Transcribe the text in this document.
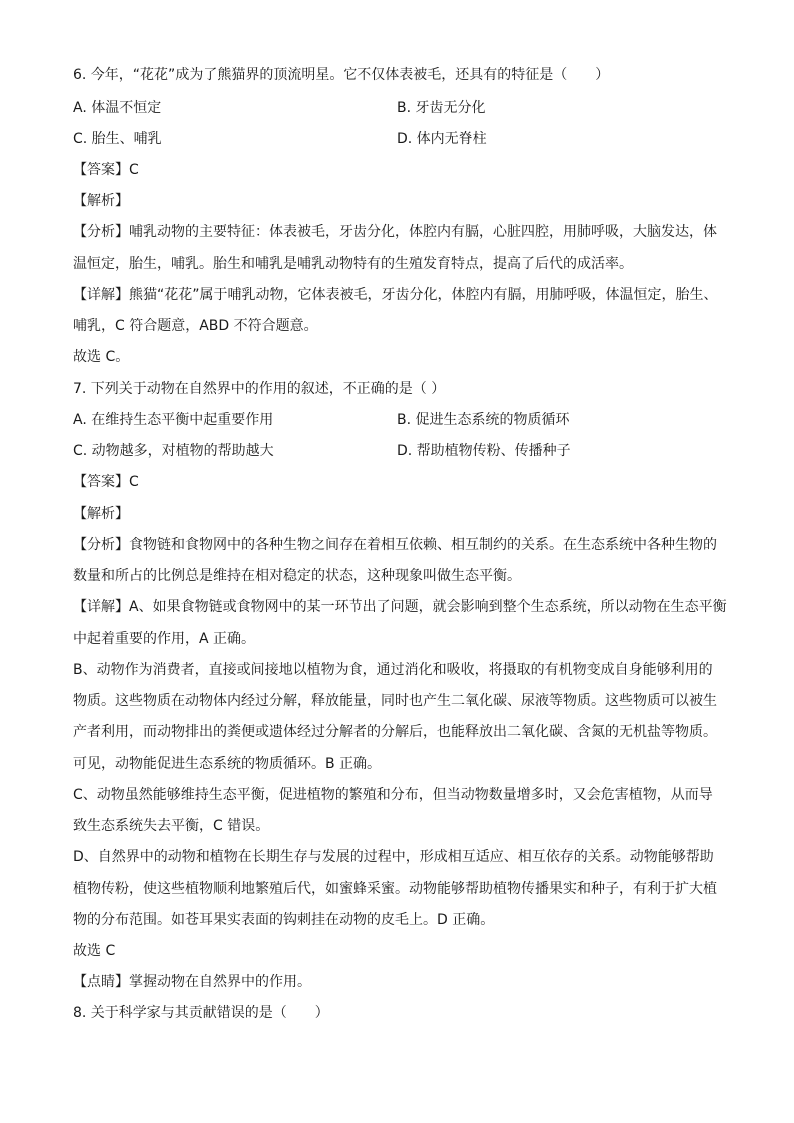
6. 今年，“花花”成为了熊猫界的顶流明星。它不仅体表被毛，还具有的特征是（　　）
A. 体温不恒定	B. 牙齿无分化
C. 胎生、哺乳	D. 体内无脊柱
【答案】C
【解析】
【分析】哺乳动物的主要特征：体表被毛，牙齿分化，体腔内有膈，心脏四腔，用肺呼吸，大脑发达，体
温恒定，胎生，哺乳。胎生和哺乳是哺乳动物特有的生殖发育特点，提高了后代的成活率。
【详解】熊猫“花花”属于哺乳动物，它体表被毛，牙齿分化，体腔内有膈，用肺呼吸，体温恒定，胎生、
哺乳，C 符合题意，ABD 不符合题意。
故选 C。
7. 下列关于动物在自然界中的作用的叙述，不正确的是（ ）
A. 在维持生态平衡中起重要作用	B. 促进生态系统的物质循环
C. 动物越多，对植物的帮助越大	D. 帮助植物传粉、传播种子
【答案】C
【解析】
【分析】食物链和食物网中的各种生物之间存在着相互依赖、相互制约的关系。在生态系统中各种生物的
数量和所占的比例总是维持在相对稳定的状态，这种现象叫做生态平衡。
【详解】A、如果食物链或食物网中的某一环节出了问题，就会影响到整个生态系统，所以动物在生态平衡
中起着重要的作用，A 正确。
B、动物作为消费者，直接或间接地以植物为食，通过消化和吸收，将摄取的有机物变成自身能够利用的
物质。这些物质在动物体内经过分解，释放能量，同时也产生二氧化碳、尿液等物质。这些物质可以被生
产者利用，而动物排出的粪便或遗体经过分解者的分解后，也能释放出二氧化碳、含氮的无机盐等物质。
可见，动物能促进生态系统的物质循环。B 正确。
C、动物虽然能够维持生态平衡，促进植物的繁殖和分布，但当动物数量增多时，又会危害植物，从而导
致生态系统失去平衡，C 错误。
D、自然界中的动物和植物在长期生存与发展的过程中，形成相互适应、相互依存的关系。动物能够帮助
植物传粉，使这些植物顺利地繁殖后代，如蜜蜂采蜜。动物能够帮助植物传播果实和种子，有利于扩大植
物的分布范围。如苍耳果实表面的钩刺挂在动物的皮毛上。D 正确。
故选 C
【点睛】掌握动物在自然界中的作用。
8. 关于科学家与其贡献错误的是（　　）
